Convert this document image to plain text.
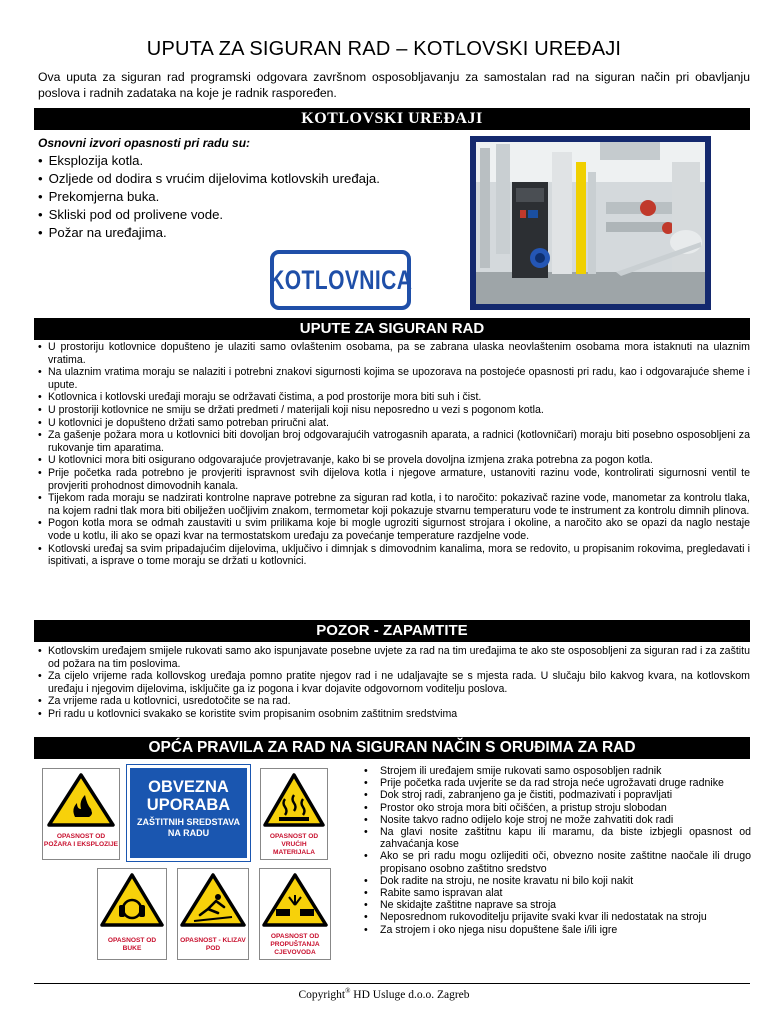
UPUTA ZA SIGURAN RAD – KOTLOVSKI UREĐAJI
Ova uputa za siguran rad programski odgovara završnom osposobljavanju za samostalan rad na siguran način pri obavljanju poslova i radnih zadataka na koje je radnik raspoređen.
KOTLOVSKI UREĐAJI
Osnovni izvori opasnosti pri radu su:
• Eksplozija kotla.
• Ozljede od dodira s vrućim dijelovima kotlovskih uređaja.
• Prekomjerna buka.
• Skliski pod od prolivene vode.
• Požar na uređajima.
KOTLOVNICA
UPUTE ZA SIGURAN RAD
• U prostoriju kotlovnice dopušteno je ulaziti samo ovlaštenim osobama, pa se zabrana ulaska neovlaštenim osobama mora istaknuti na ulaznim vratima.
• Na ulaznim vratima moraju se nalaziti i potrebni znakovi sigurnosti kojima se upozorava na postojeće opasnosti pri radu, kao i odgovarajuće sheme i upute.
• Kotlovnica i kotlovski uređaji moraju se održavati čistima, a pod prostorije mora biti suh i čist.
• U prostoriji kotlovnice ne smiju se držati predmeti / materijali koji nisu neposredno u vezi s pogonom kotla.
• U kotlovnici je dopušteno držati samo potreban priručni alat.
• Za gašenje požara mora u kotlovnici biti dovoljan broj odgovarajućih vatrogasnih aparata, a radnici (kotlovničari) moraju biti posebno osposobljeni za rukovanje tim aparatima.
• U kotlovnici mora biti osigurano odgovarajuće provjetravanje, kako bi se provela dovoljna izmjena zraka potrebna za pogon kotla.
• Prije početka rada potrebno je provjeriti ispravnost svih dijelova kotla i njegove armature, ustanoviti razinu vode, kontrolirati sigurnosni ventil te provjeriti prohodnost dimovodnih kanala.
• Tijekom rada moraju se nadzirati kontrolne naprave potrebne za siguran rad kotla, i to naročito: pokazivač razine vode, manometar za kontrolu tlaka, na kojem radni tlak mora biti obilježen uočljivim znakom, termometar koji pokazuje stvarnu temperaturu vode te instrument za kontrolu dimnih plinova.
• Pogon kotla mora se odmah zaustaviti u svim prilikama koje bi mogle ugroziti sigurnost strojara i okoline, a naročito ako se opazi da naglo nestaje vode u kotlu, ili ako se opazi kvar na termostatskom uređaju za povećanje temperature razdjelne vode.
• Kotlovski uređaj sa svim pripadajućim dijelovima, uključivo i dimnjak s dimovodnim kanalima, mora se redovito, u propisanim rokovima, pregledavati i ispitivati, a isprave o tome moraju se držati u kotlovnici.
POZOR - ZAPAMTITE
• Kotlovskim uređajem smijele rukovati samo ako ispunjavate posebne uvjete za rad na tim uređajima te ako ste osposobljeni za siguran rad i za zaštitu od požara na tim poslovima.
• Za cijelo vrijeme rada kollovskog uređaja pomno pratite njegov rad i ne udaljavajte se s mjesta rada. U slučaju bilo kakvog kvara, na kotlovskom uređaju i njegovim dijelovima, isključite ga iz pogona i kvar dojavite odgovornom voditelju poslova.
• Za vrijeme rada u kotlovnici, usredotočite se na rad.
• Pri radu u kotlovnici svakako se koristite svim propisanim osobnim zaštitnim sredstvima
OPĆA PRAVILA ZA RAD NA SIGURAN NAČIN S ORUĐIMA ZA RAD
OPASNOST OD POŽARA I EKSPLOZIJE
OBVEZNA
UPORABA
ZAŠTITNIH SREDSTAVA
NA RADU	OPASNOST OD VRUĆIH MATERIJALA
OPASNOST OD BUKE
OPASNOST - KLIZAV POD
OPASNOST OD PROPUŠTANJA CJEVOVODA
• Strojem ili uređajem smije rukovati samo osposobljen radnik
• Prije početka rada uvjerite se da rad stroja neće ugrožavati druge radnike
• Dok stroj radi, zabranjeno ga je čistiti, podmazivati i popravljati
• Prostor oko stroja mora biti očišćen, a pristup stroju slobodan
• Nosite takvo radno odijelo koje stroj ne može zahvatiti dok radi
• Na glavi nosite zaštitnu kapu ili maramu, da biste izbjegli opasnost od zahvaćanja kose
• Ako se pri radu mogu ozlijediti oči, obvezno nosite zaštitne naočale ili drugo propisano osobno zaštitno sredstvo
• Dok radite na stroju, ne nosite kravatu ni bilo koji nakit
• Rabite samo ispravan alat
• Ne skidajte zaštitne naprave sa stroja
• Neposrednom rukovoditelju prijavite svaki kvar ili nedostatak na stroju
• Za strojem i oko njega nisu dopuštene šale i/ili igre
Copyright® HD Usluge d.o.o. Zagreb
